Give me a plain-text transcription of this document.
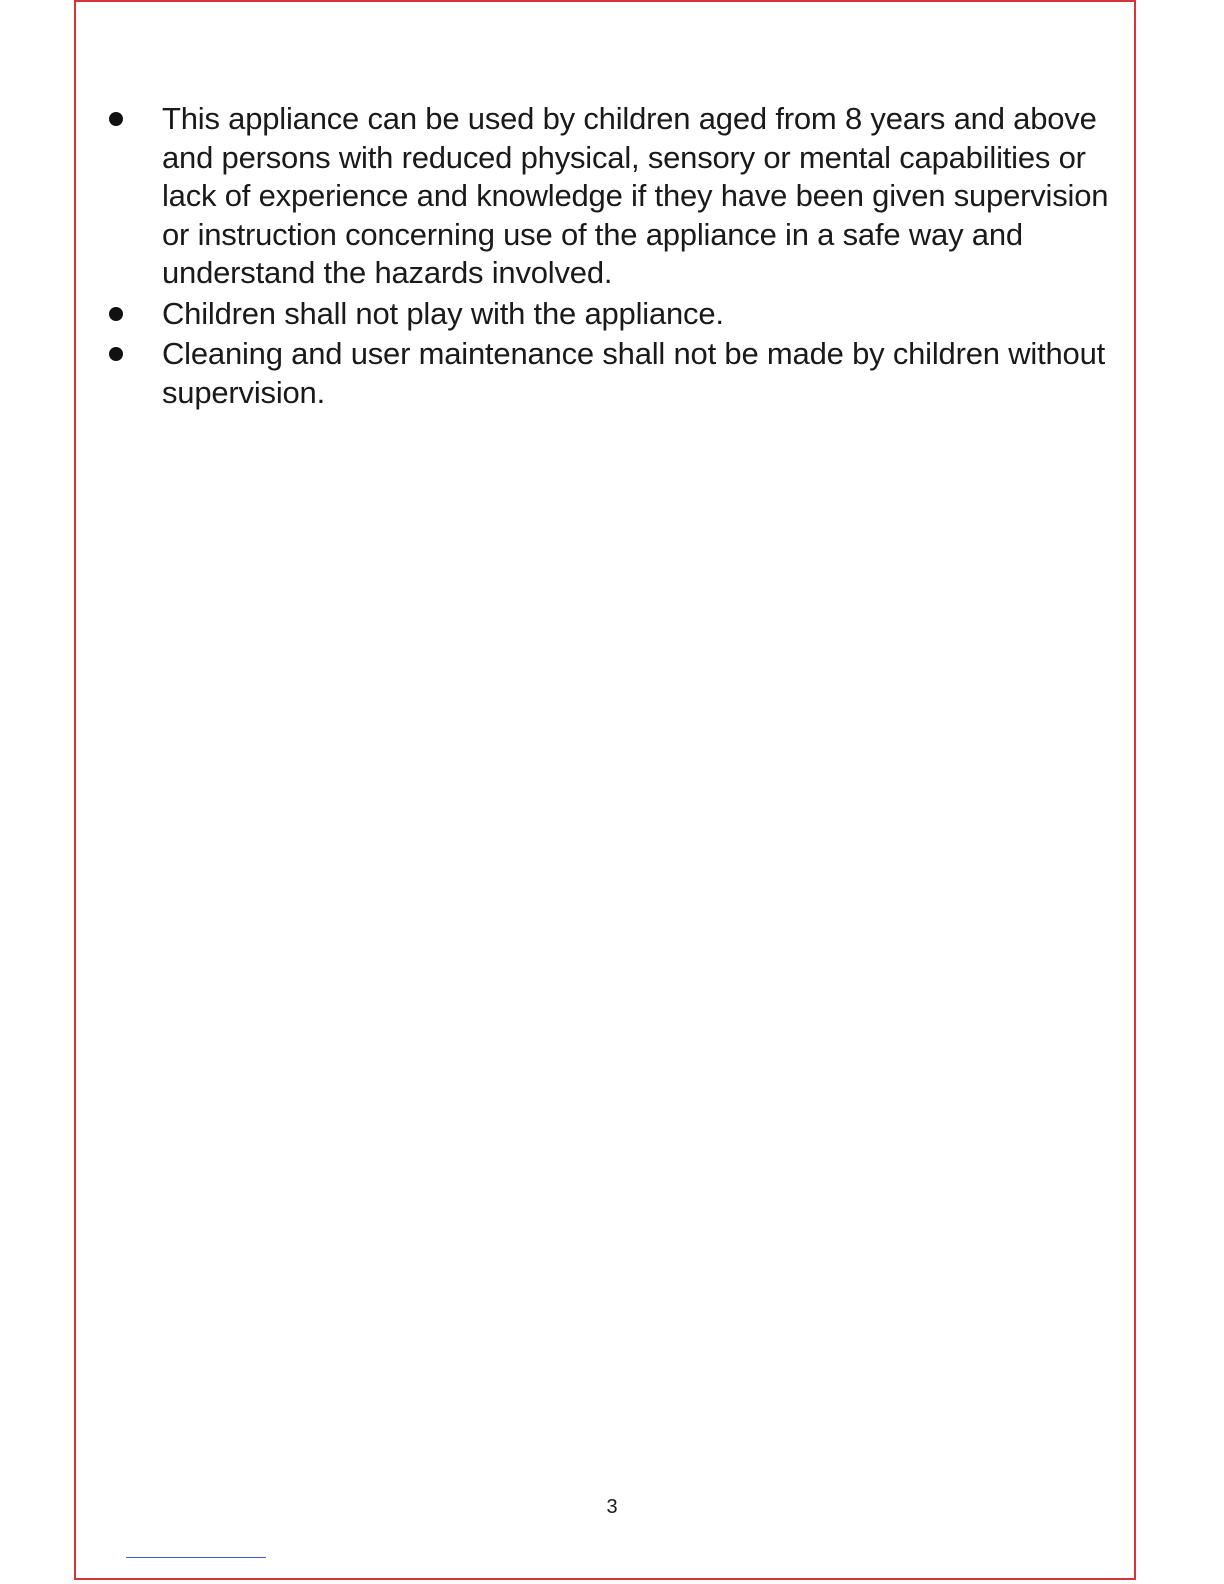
This appliance can be used by children aged from 8 years and above and persons with reduced physical, sensory or mental capabilities or lack of experience and knowledge if they have been given supervision or instruction concerning use of the appliance in a safe way and understand the hazards involved.
Children shall not play with the appliance.
Cleaning and user maintenance shall not be made by children without supervision.
3
